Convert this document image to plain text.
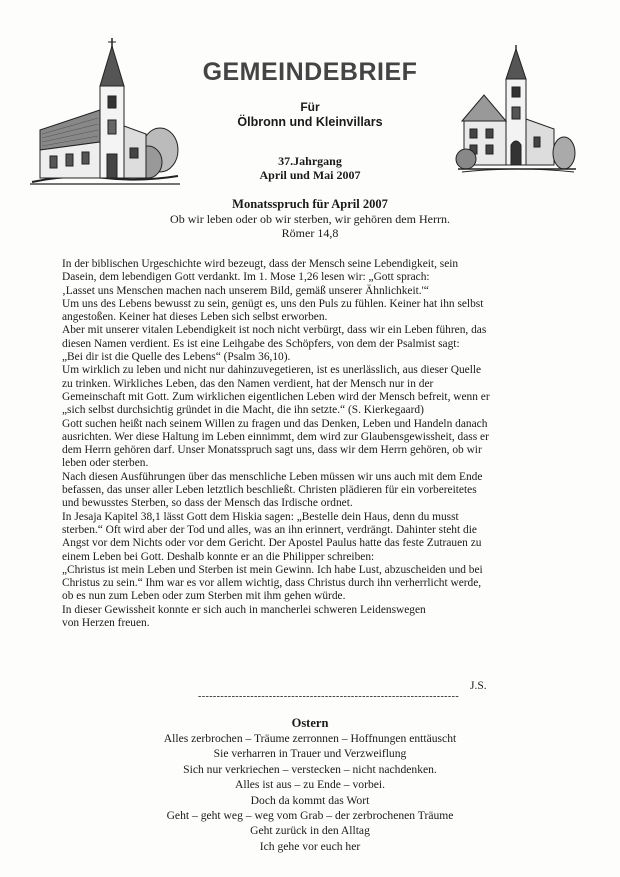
GEMEINDEBRIEF
Für
Ölbronn und Kleinvillars
37.Jahrgang
April und Mai 2007
Monatsspruch für April 2007
Ob wir leben oder ob wir sterben, wir gehören dem Herrn.
Römer 14,8
In der biblischen Urgeschichte wird bezeugt, dass der Mensch seine Lebendigkeit, sein
Dasein, dem lebendigen Gott verdankt. Im 1. Mose 1,26 lesen wir: „Gott sprach:
‚Lasset uns Menschen machen nach unserem Bild, gemäß unserer Ähnlichkeit.'“
Um uns des Lebens bewusst zu sein, genügt es, uns den Puls zu fühlen. Keiner hat ihn selbst
angestoßen. Keiner hat dieses Leben sich selbst erworben.
Aber mit unserer vitalen Lebendigkeit ist noch nicht verbürgt, dass wir ein Leben führen, das
diesen Namen verdient. Es ist eine Leihgabe des Schöpfers, von dem der Psalmist sagt:
„Bei dir ist die Quelle des Lebens“ (Psalm 36,10).
Um wirklich zu leben und nicht nur dahinzuvegetieren, ist es unerlässlich, aus dieser Quelle
zu trinken. Wirkliches Leben, das den Namen verdient, hat der Mensch nur in der
Gemeinschaft mit Gott. Zum wirklichen eigentlichen Leben wird der Mensch befreit, wenn er
„sich selbst durchsichtig gründet in die Macht, die ihn setzte.“ (S. Kierkegaard)
Gott suchen heißt nach seinem Willen zu fragen und das Denken, Leben und Handeln danach
ausrichten. Wer diese Haltung im Leben einnimmt, dem wird zur Glaubensgewissheit, dass er
dem Herrn gehören darf. Unser Monatsspruch sagt uns, dass wir dem Herrn gehören, ob wir
leben oder sterben.
Nach diesen Ausführungen über das menschliche Leben müssen wir uns auch mit dem Ende
befassen, das unser aller Leben letztlich beschließt. Christen plädieren für ein vorbereitetes
und bewusstes Sterben, so dass der Mensch das Irdische ordnet.
In Jesaja Kapitel 38,1 lässt Gott dem Hiskia sagen: „Bestelle dein Haus, denn du musst
sterben.“ Oft wird aber der Tod und alles, was an ihn erinnert, verdrängt. Dahinter steht die
Angst vor dem Nichts oder vor dem Gericht. Der Apostel Paulus hatte das feste Zutrauen zu
einem Leben bei Gott. Deshalb konnte er an die Philipper schreiben:
„Christus ist mein Leben und Sterben ist mein Gewinn. Ich habe Lust, abzuscheiden und bei
Christus zu sein.“ Ihm war es vor allem wichtig, dass Christus durch ihn verherrlicht werde,
ob es nun zum Leben oder zum Sterben mit ihm gehen würde.
In dieser Gewissheit konnte er sich auch in mancherlei schweren Leidenswegen
von Herzen freuen.
J.S.
----------------------------------------------------------------------
Ostern
Alles zerbrochen – Träume zerronnen – Hoffnungen enttäuscht
Sie verharren in Trauer und Verzweiflung
Sich nur verkriechen – verstecken – nicht nachdenken.
Alles ist aus – zu Ende – vorbei.
Doch da kommt das Wort
Geht – geht weg – weg vom Grab – der zerbrochenen Träume
Geht zurück in den Alltag
Ich gehe vor euch her
